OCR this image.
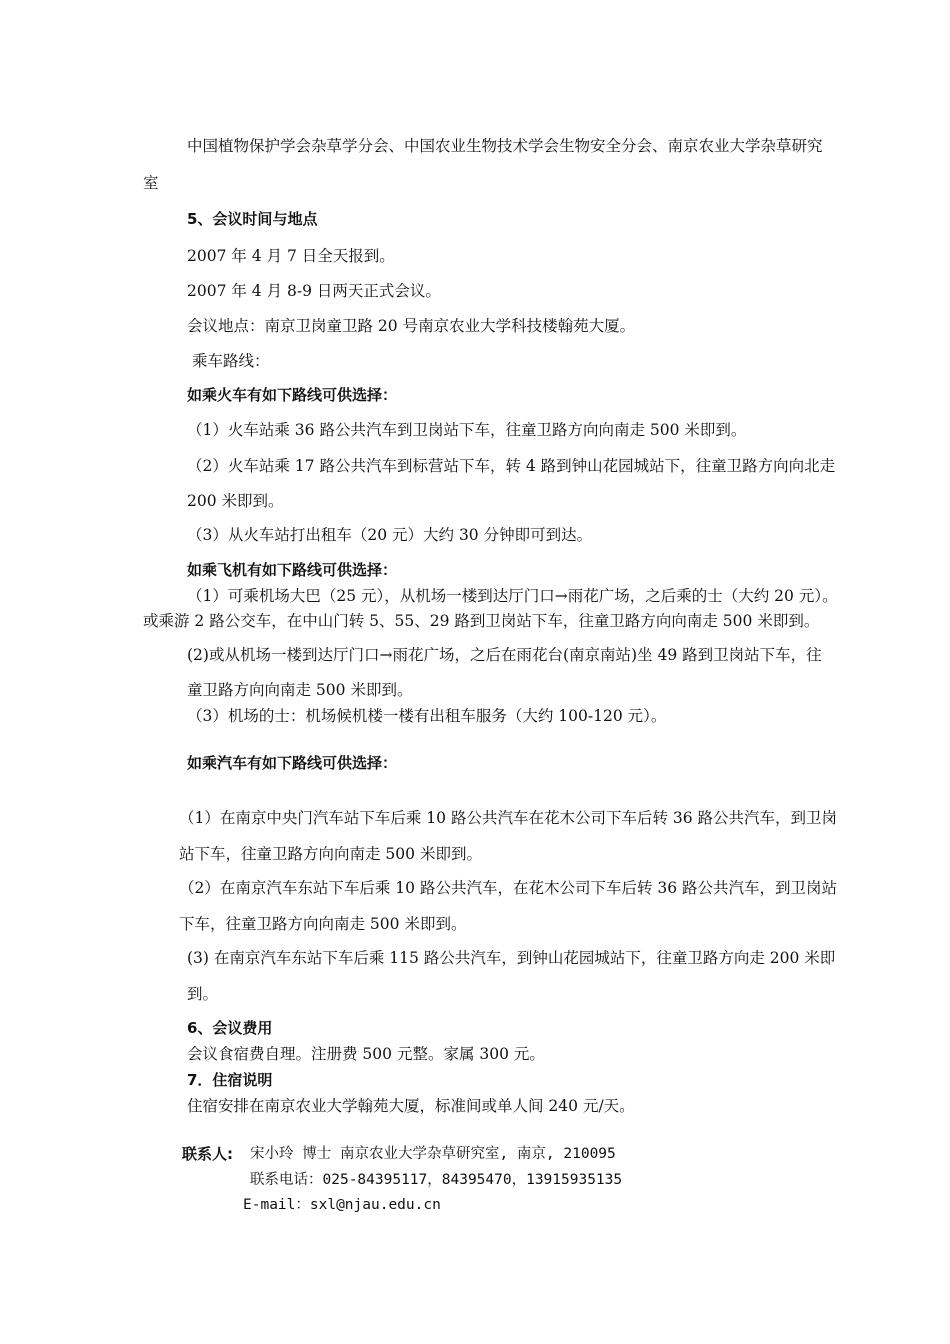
中国植物保护学会杂草学分会、中国农业生物技术学会生物安全分会、南京农业大学杂草研究
室
5、会议时间与地点
2007 年 4 月 7 日全天报到。
2007 年 4 月 8-9 日两天正式会议。
会议地点：南京卫岗童卫路 20 号南京农业大学科技楼翰苑大厦。
乘车路线：
如乘火车有如下路线可供选择：
（1）火车站乘 36 路公共汽车到卫岗站下车，往童卫路方向向南走 500 米即到。
（2）火车站乘 17 路公共汽车到标营站下车，转 4 路到钟山花园城站下，往童卫路方向向北走
200 米即到。
（3）从火车站打出租车（20 元）大约 30 分钟即可到达。
如乘飞机有如下路线可供选择：
（1）可乘机场大巴（25 元），从机场一楼到达厅门口→雨花广场，之后乘的士（大约 20 元）。
或乘游 2 路公交车，在中山门转 5、55、29 路到卫岗站下车，往童卫路方向向南走 500 米即到。
(2)或从机场一楼到达厅门口→雨花广场，之后在雨花台(南京南站)坐 49 路到卫岗站下车，往
童卫路方向向南走 500 米即到。
（3）机场的士：机场候机楼一楼有出租车服务（大约 100-120 元）。
如乘汽车有如下路线可供选择：
（1）在南京中央门汽车站下车后乘 10 路公共汽车在花木公司下车后转 36 路公共汽车，到卫岗
站下车，往童卫路方向向南走 500 米即到。
（2）在南京汽车东站下车后乘 10 路公共汽车，在花木公司下车后转 36 路公共汽车，到卫岗站
下车，往童卫路方向向南走 500 米即到。
(3) 在南京汽车东站下车后乘 115 路公共汽车，到钟山花园城站下，往童卫路方向走 200 米即
到。
6、会议费用
会议食宿费自理。注册费 500 元整。家属 300 元。
7．住宿说明
住宿安排在南京农业大学翰苑大厦，标准间或单人间 240 元/天。
联系人: 宋小玲 博士 南京农业大学杂草研究室, 南京, 210095
联系电话：025-84395117，84395470，13915935135
E-mail：sxl@njau.edu.cn
